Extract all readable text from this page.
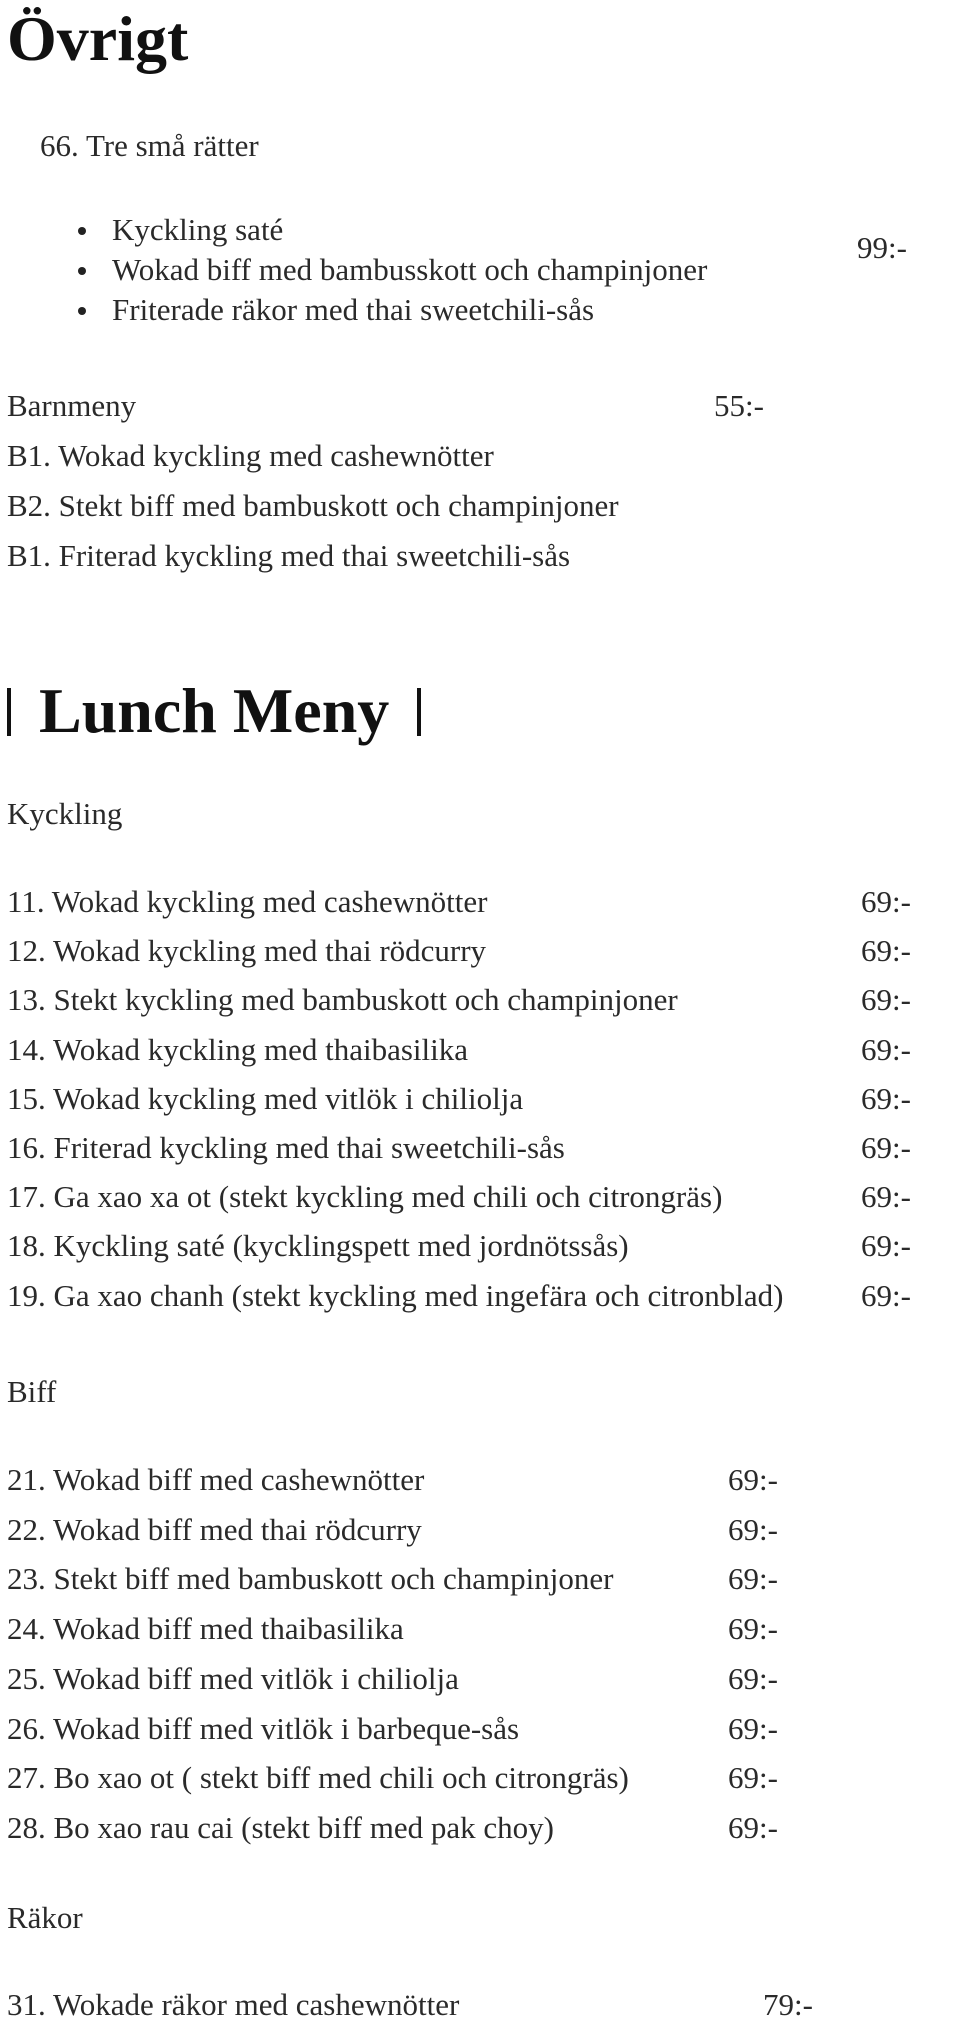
Övrigt
66. Tre små rätter
Kyckling saté
Wokad biff med bambusskott och champinjoner
Friterade räkor med thai sweetchili-sås
99:-
Barnmeny	55:-
B1. Wokad kyckling med cashewnötter
B2. Stekt biff med bambuskott och champinjoner
B1. Friterad kyckling med thai sweetchili-sås
Lunch Meny
Kyckling
11. Wokad kyckling med cashewnötter	69:-
12. Wokad kyckling med thai rödcurry	69:-
13. Stekt kyckling med bambuskott och champinjoner	69:-
14. Wokad kyckling med thaibasilika	69:-
15. Wokad kyckling med vitlök i chiliolja	69:-
16. Friterad kyckling med thai sweetchili-sås	69:-
17. Ga xao xa ot (stekt kyckling med chili och citrongräs)	69:-
18. Kyckling saté (kycklingspett med jordnötssås)	69:-
19. Ga xao chanh (stekt kyckling med ingefära och citronblad)	69:-
Biff
21. Wokad biff med cashewnötter	69:-
22. Wokad biff med thai rödcurry	69:-
23. Stekt biff med bambuskott och champinjoner	69:-
24. Wokad biff med thaibasilika	69:-
25. Wokad biff med vitlök i chiliolja	69:-
26. Wokad biff med vitlök i barbeque-sås	69:-
27. Bo xao ot ( stekt biff med chili och citrongräs)	69:-
28. Bo xao rau cai (stekt biff med pak choy)	69:-
Räkor
31. Wokade räkor med cashewnötter	79:-
